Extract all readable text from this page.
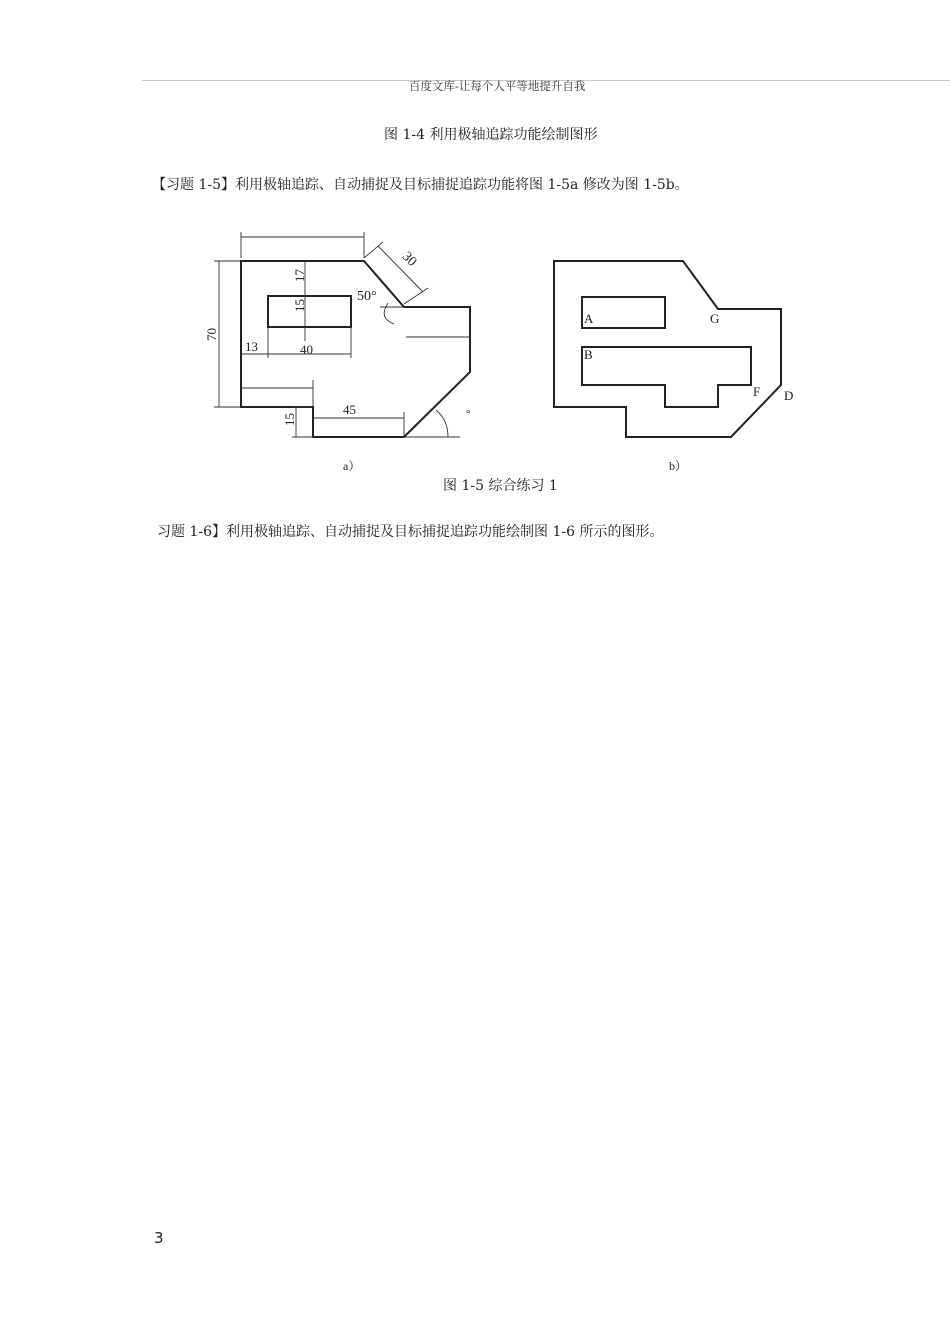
百度文库-让每个人平等地提升自我
图 1-4 利用极轴追踪功能绘制图形
【习题 1-5】利用极轴追踪、自动捕捉及目标捕捉追踪功能将图 1-5a 修改为图 1-5b。
30
50°
17
15
70
13	40
45
15	°
a）
A
B
G
F D
b）
图 1-5 综合练习 1
习题 1-6】利用极轴追踪、自动捕捉及目标捕捉追踪功能绘制图 1-6 所示的图形。
3
